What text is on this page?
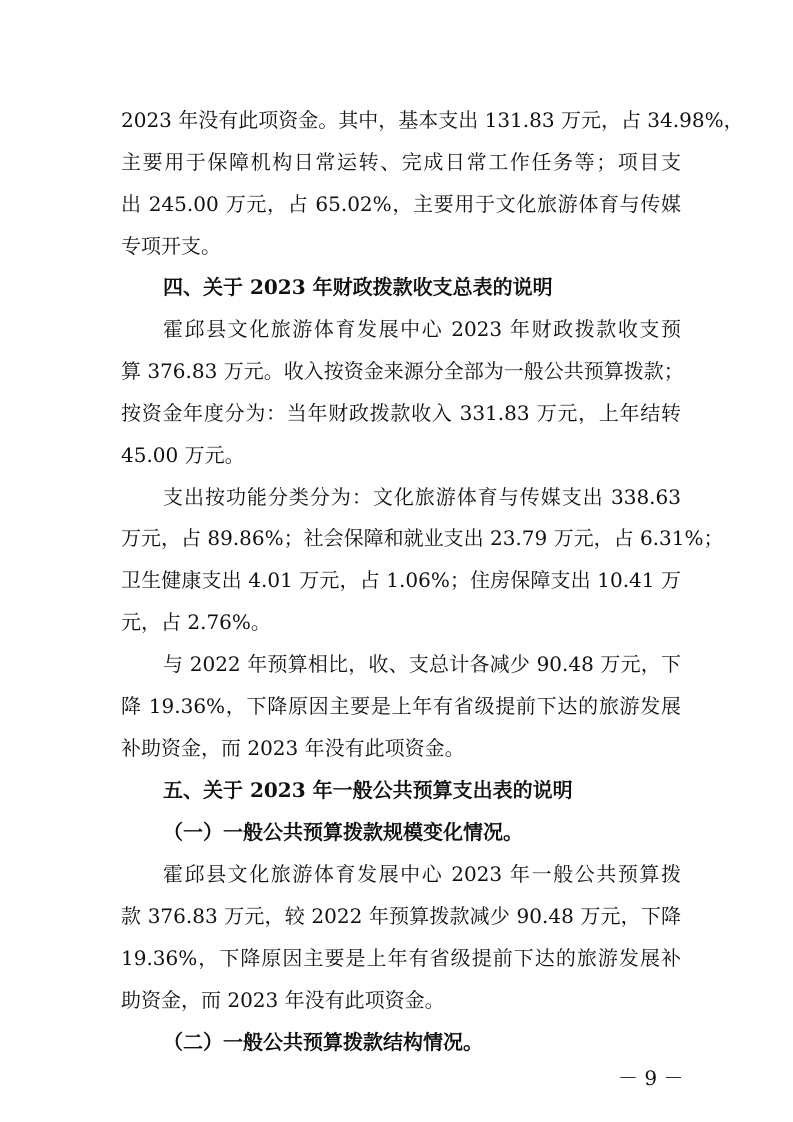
2023 年没有此项资金。其中，基本支出 131.83 万元，占 34.98%，
主要用于保障机构日常运转、完成日常工作任务等；项目支
出 245.00 万元，占 65.02%，主要用于文化旅游体育与传媒
专项开支。
四、关于 2023 年财政拨款收支总表的说明
霍邱县文化旅游体育发展中心 2023 年财政拨款收支预
算 376.83 万元。收入按资金来源分全部为一般公共预算拨款；
按资金年度分为：当年财政拨款收入 331.83 万元，上年结转
45.00 万元。
支出按功能分类分为：文化旅游体育与传媒支出 338.63
万元，占 89.86%；社会保障和就业支出 23.79 万元，占 6.31%；
卫生健康支出 4.01 万元，占 1.06%；住房保障支出 10.41 万
元，占 2.76%。
与 2022 年预算相比，收、支总计各减少 90.48 万元，下
降 19.36%，下降原因主要是上年有省级提前下达的旅游发展
补助资金，而 2023 年没有此项资金。
五、关于 2023 年一般公共预算支出表的说明
（一）一般公共预算拨款规模变化情况。
霍邱县文化旅游体育发展中心 2023 年一般公共预算拨
款 376.83 万元，较 2022 年预算拨款减少 90.48 万元，下降
19.36%，下降原因主要是上年有省级提前下达的旅游发展补
助资金，而 2023 年没有此项资金。
（二）一般公共预算拨款结构情况。
－ 9 －
